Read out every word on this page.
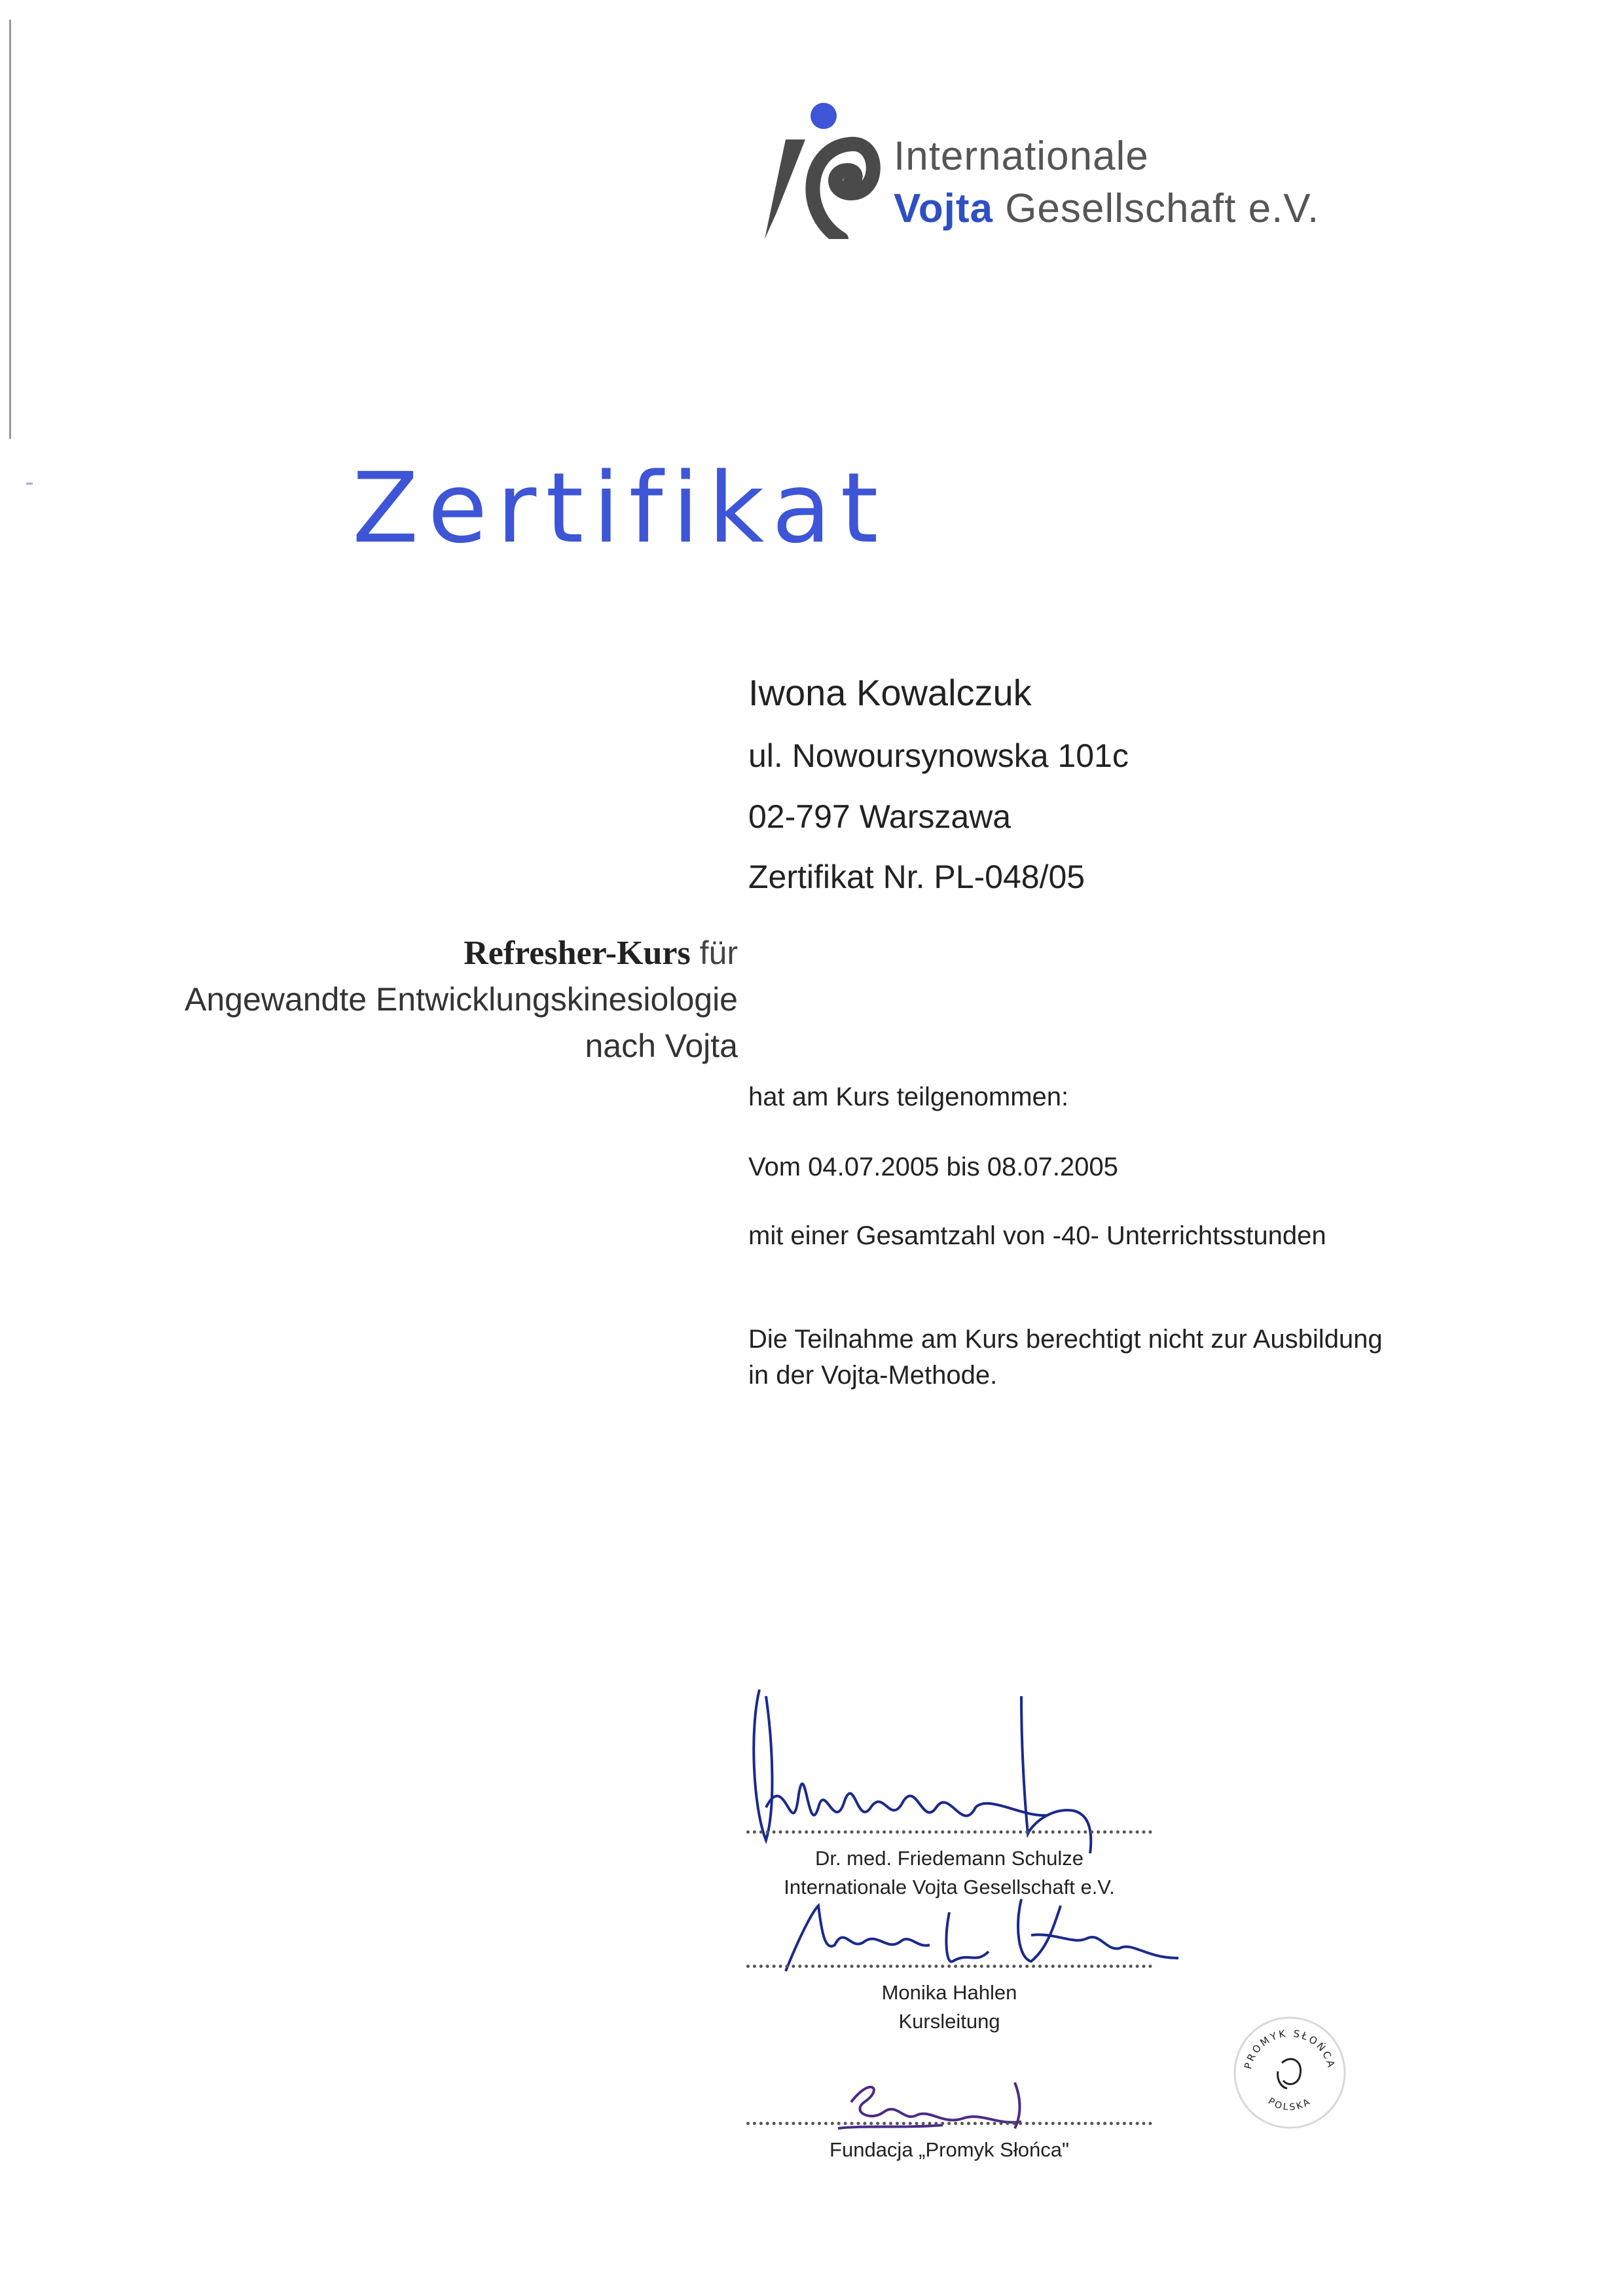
Internationale
Vojta Gesellschaft e.V.
Zertifikat
Iwona Kowalczuk
ul. Nowoursynowska 101c
02-797 Warszawa
Zertifikat Nr. PL-048/05
Refresher-Kurs für
Angewandte Entwicklungskinesiologie
nach Vojta
hat am Kurs teilgenommen:
Vom 04.07.2005 bis 08.07.2005
mit einer Gesamtzahl von -40- Unterrichtsstunden
Die Teilnahme am Kurs berechtigt nicht zur Ausbildung
in der Vojta-Methode.
Dr. med. Friedemann Schulze
Internationale Vojta Gesellschaft e.V.
Monika Hahlen
Kursleitung
Fundacja „Promyk Słońca"
PROMYK SŁOŃCA
POLSKA
